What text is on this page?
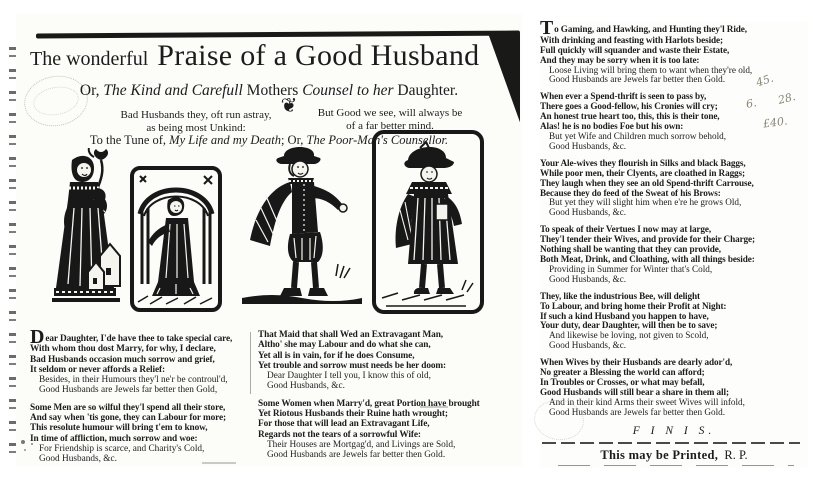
The wonderful Praise of a Good Husband
Or, The Kind and Carefull Mothers Counsel to her Daughter.
Bad Husbands they, oft run astray,
as being most Unkind:
❦	But Good we see, will always be
of a far better mind.
To the Tune of, My Life and my Death; Or, The Poor-Man's Counsellor.
Dear Daughter, I'de have thee to take special care,
With whom thou dost Marry, for why, I declare,
Bad Husbands occasion much sorrow and grief,
It seldom or never affords a Relief:
Besides, in their Humours they'l ne'r be controul'd,
Good Husbands are Jewels far better then Gold,
Some Men are so wilful they'l spend all their store,
And say when 'tis gone, they can Labour for more;
This resolute humour will bring t'em to know,
In time of affliction, much sorrow and woe:
For Friendship is scarce, and Charity's Cold,
Good Husbands, &c.
That Maid that shall Wed an Extravagant Man,
Altho' she may Labour and do what she can,
Yet all is in vain, for if he does Consume,
Yet trouble and sorrow must needs be her doom:
Dear Daughter I tell you, I know this of old,
Good Husbands, &c.
Some Women when Marry'd, great Portion have brought
Yet Riotous Husbands their Ruine hath wrought;
For those that will lead an Extravagant Life,
Regards not the tears of a sorrowful Wife:
Their Houses are Mortgag'd, and Livings are Sold,
Good Husbands are Jewels far better then Gold.
To Gaming, and Hawking, and Hunting they'l Ride,
With drinking and feasting with Harlots beside;
Full quickly will squander and waste their Estate,
And they may be sorry when it is too late:
Loose Living will bring them to want when they're old,
Good Husbands are Jewels far better then Gold.
When ever a Spend-thrift is seen to pass by,
There goes a Good-fellow, his Cronies will cry;
An honest true heart too, this, this is their tone,
Alas! he is no bodies Foe but his own:
But yet Wife and Children much sorrow behold,
Good Husbands, &c.
Your Ale-wives they flourish in Silks and black Baggs,
While poor men, their Clyents, are cloathed in Raggs;
They laugh when they see an old Spend-thrift Carrouse,
Because they do feed of the Sweat of his Brows:
But yet they will slight him when e're he grows Old,
Good Husbands, &c.
To speak of their Vertues I now may at large,
They'l tender their Wives, and provide for their Charge;
Nothing shall be wanting that they can provide,
Both Meat, Drink, and Cloathing, with all things beside:
Providing in Summer for Winter that's Cold,
Good Husbands, &c.
They, like the industrious Bee, will delight
To Labour, and bring home their Profit at Night:
If such a kind Husband you happen to have,
Your duty, dear Daughter, will then be to save;
And likewise be loving, not given to Scold,
Good Husbands, &c.
When Wives by their Husbands are dearly ador'd,
No greater a Blessing the world can afford;
In Troubles or Crosses, or what may befall,
Good Husbands will still bear a share in them all;
And in their kind Arms their sweet Wives will infold,
Good Husbands are Jewels far better then Gold.
F I N I S.
This may be Printed,  R. P.
45.
6. 28.
£40.
